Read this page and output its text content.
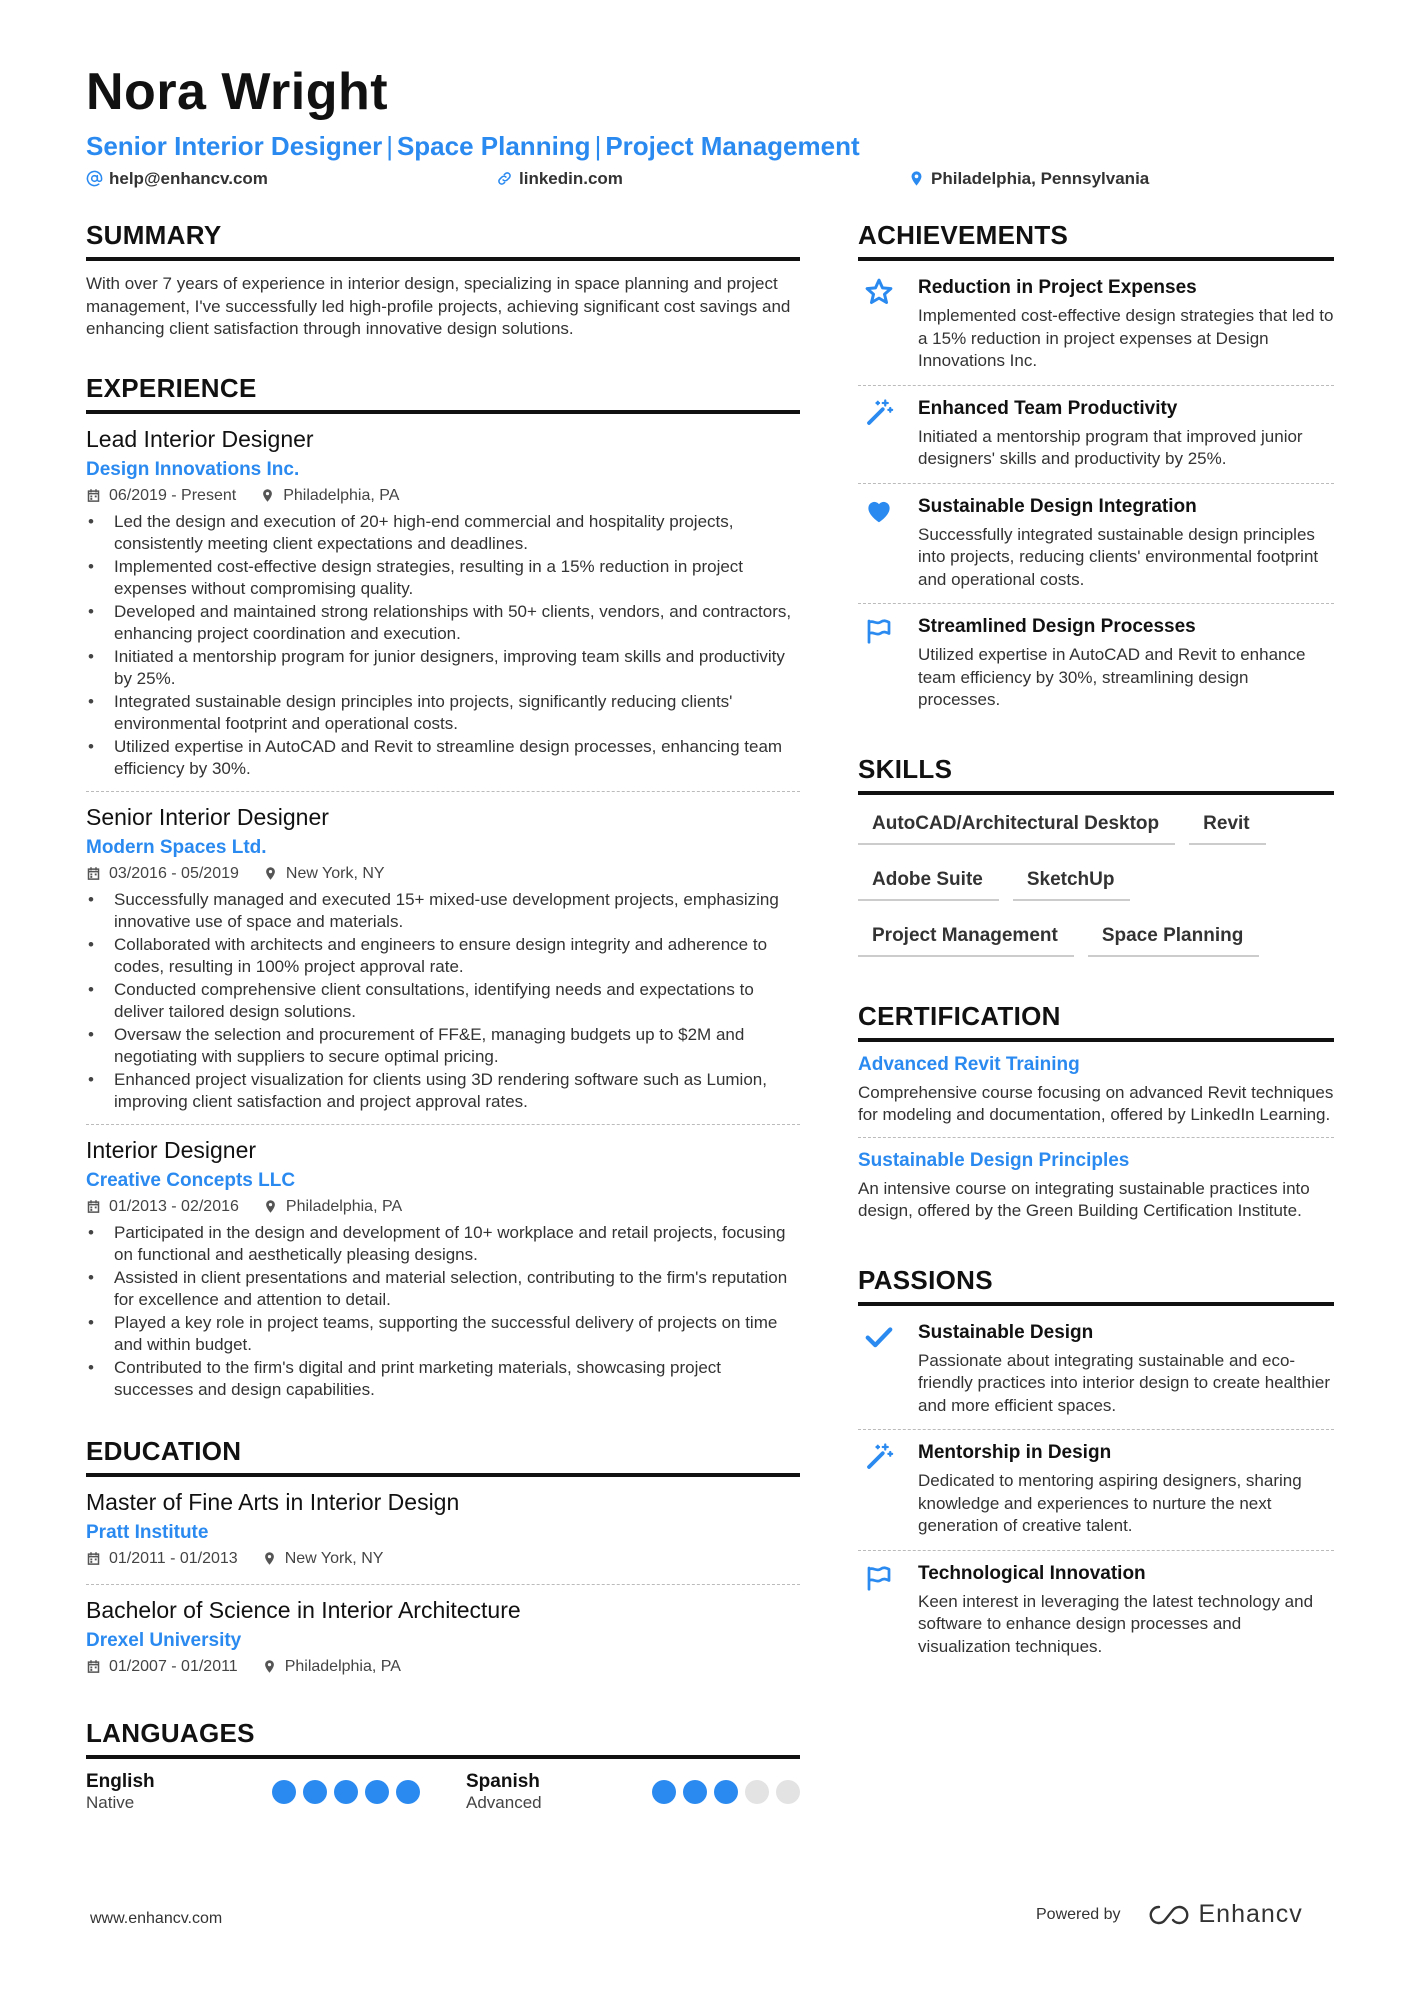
Nora Wright
Senior Interior Designer | Space Planning | Project Management
help@enhancv.com	linkedin.com	Philadelphia, Pennsylvania
SUMMARY
With over 7 years of experience in interior design, specializing in space planning and project management, I've successfully led high-profile projects, achieving significant cost savings and enhancing client satisfaction through innovative design solutions.
EXPERIENCE
Lead Interior Designer
Design Innovations Inc.
06/2019 - Present	Philadelphia, PA
• Led the design and execution of 20+ high-end commercial and hospitality projects, consistently meeting client expectations and deadlines.
• Implemented cost-effective design strategies, resulting in a 15% reduction in project expenses without compromising quality.
• Developed and maintained strong relationships with 50+ clients, vendors, and contractors, enhancing project coordination and execution.
• Initiated a mentorship program for junior designers, improving team skills and productivity by 25%.
• Integrated sustainable design principles into projects, significantly reducing clients' environmental footprint and operational costs.
• Utilized expertise in AutoCAD and Revit to streamline design processes, enhancing team efficiency by 30%.
Senior Interior Designer
Modern Spaces Ltd.
03/2016 - 05/2019	New York, NY
• Successfully managed and executed 15+ mixed-use development projects, emphasizing innovative use of space and materials.
• Collaborated with architects and engineers to ensure design integrity and adherence to codes, resulting in 100% project approval rate.
• Conducted comprehensive client consultations, identifying needs and expectations to deliver tailored design solutions.
• Oversaw the selection and procurement of FF&E, managing budgets up to $2M and negotiating with suppliers to secure optimal pricing.
• Enhanced project visualization for clients using 3D rendering software such as Lumion, improving client satisfaction and project approval rates.
Interior Designer
Creative Concepts LLC
01/2013 - 02/2016	Philadelphia, PA
• Participated in the design and development of 10+ workplace and retail projects, focusing on functional and aesthetically pleasing designs.
• Assisted in client presentations and material selection, contributing to the firm's reputation for excellence and attention to detail.
• Played a key role in project teams, supporting the successful delivery of projects on time and within budget.
• Contributed to the firm's digital and print marketing materials, showcasing project successes and design capabilities.
EDUCATION
Master of Fine Arts in Interior Design
Pratt Institute
01/2011 - 01/2013	New York, NY
Bachelor of Science in Interior Architecture
Drexel University
01/2007 - 01/2011	Philadelphia, PA
LANGUAGES
English
Native
Spanish
Advanced
ACHIEVEMENTS
Reduction in Project Expenses
Implemented cost-effective design strategies that led to a 15% reduction in project expenses at Design Innovations Inc.
Enhanced Team Productivity
Initiated a mentorship program that improved junior designers' skills and productivity by 25%.
Sustainable Design Integration
Successfully integrated sustainable design principles into projects, reducing clients' environmental footprint and operational costs.
Streamlined Design Processes
Utilized expertise in AutoCAD and Revit to enhance team efficiency by 30%, streamlining design processes.
SKILLS
AutoCAD/Architectural Desktop	Revit
Adobe Suite	SketchUp
Project Management	Space Planning
CERTIFICATION
Advanced Revit Training
Comprehensive course focusing on advanced Revit techniques for modeling and documentation, offered by LinkedIn Learning.
Sustainable Design Principles
An intensive course on integrating sustainable practices into design, offered by the Green Building Certification Institute.
PASSIONS
Sustainable Design
Passionate about integrating sustainable and eco-friendly practices into interior design to create healthier and more efficient spaces.
Mentorship in Design
Dedicated to mentoring aspiring designers, sharing knowledge and experiences to nurture the next generation of creative talent.
Technological Innovation
Keen interest in leveraging the latest technology and software to enhance design processes and visualization techniques.
www.enhancv.com	Powered by	Enhancv
